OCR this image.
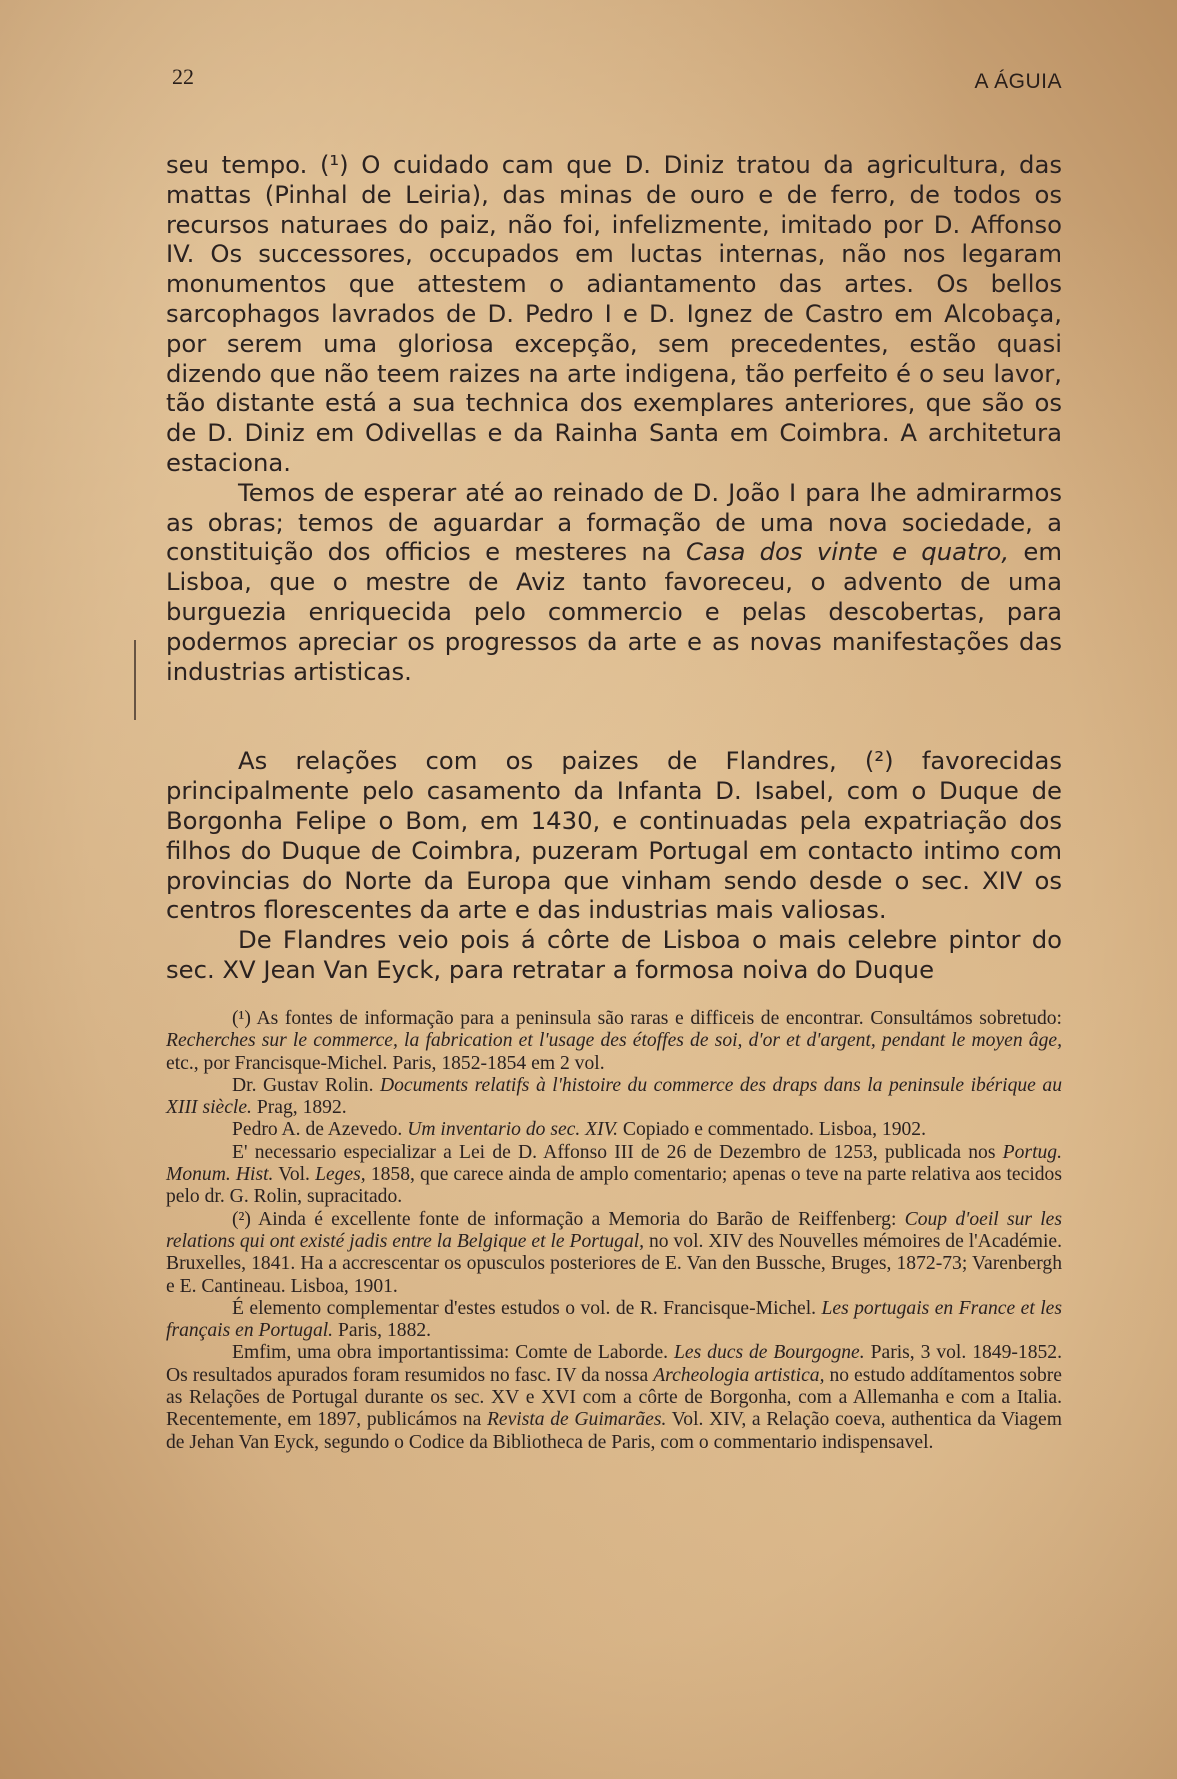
22	A ÁGUIA

seu tempo. (¹) O cuidado cam que D. Diniz tratou da agricultura, das mattas (Pinhal de Leiria), das minas de ouro e de ferro, de todos os recursos naturaes do paiz, não foi, infelizmente, imitado por D. Affonso IV. Os successores, occupados em luctas internas, não nos legaram monumentos que attestem o adiantamento das artes. Os bellos sarcophagos lavrados de D. Pedro I e D. Ignez de Castro em Alcobaça, por serem uma gloriosa excepção, sem precedentes, estão quasi dizendo que não teem raizes na arte indigena, tão perfeito é o seu lavor, tão distante está a sua technica dos exemplares anteriores, que são os de D. Diniz em Odivellas e da Rainha Santa em Coimbra. A architetura estaciona.

Temos de esperar até ao reinado de D. João I para lhe admirarmos as obras; temos de aguardar a formação de uma nova sociedade, a constituição dos officios e mesteres na Casa dos vinte e quatro, em Lisboa, que o mestre de Aviz tanto favoreceu, o advento de uma burguezia enriquecida pelo commercio e pelas descobertas, para podermos apreciar os progressos da arte e as novas manifestações das industrias artisticas.

As relações com os paizes de Flandres, (²) favorecidas principalmente pelo casamento da Infanta D. Isabel, com o Duque de Borgonha Felipe o Bom, em 1430, e continuadas pela expatriação dos filhos do Duque de Coimbra, puzeram Portugal em contacto intimo com provincias do Norte da Europa que vinham sendo desde o sec. XIV os centros florescentes da arte e das industrias mais valiosas.

De Flandres veio pois á côrte de Lisboa o mais celebre pintor do sec. XV Jean Van Eyck, para retratar a formosa noiva do Duque

(¹) As fontes de informação para a peninsula são raras e difficeis de encontrar. Consultámos sobretudo: Recherches sur le commerce, la fabrication et l'usage des étoffes de soi, d'or et d'argent, pendant le moyen âge, etc., por Francisque-Michel. Paris, 1852-1854 em 2 vol.

Dr. Gustav Rolin. Documents relatifs à l'histoire du commerce des draps dans la peninsule ibérique au XIII siècle. Prag, 1892.

Pedro A. de Azevedo. Um inventario do sec. XIV. Copiado e commentado. Lisboa, 1902.

E' necessario especializar a Lei de D. Affonso III de 26 de Dezembro de 1253, publicada nos Portug. Monum. Hist. Vol. Leges, 1858, que carece ainda de amplo comentario; apenas o teve na parte relativa aos tecidos pelo dr. G. Rolin, supracitado.

(²) Ainda é excellente fonte de informação a Memoria do Barão de Reiffenberg: Coup d'oeil sur les relations qui ont existé jadis entre la Belgique et le Portugal, no vol. XIV des Nouvelles mémoires de l'Académie. Bruxelles, 1841. Ha a accrescentar os opusculos posteriores de E. Van den Bussche, Bruges, 1872-73; Varenbergh e E. Cantineau. Lisboa, 1901.

É elemento complementar d'estes estudos o vol. de R. Francisque-Michel. Les portugais en France et les français en Portugal. Paris, 1882.

Emfim, uma obra importantissima: Comte de Laborde. Les ducs de Bourgogne. Paris, 3 vol. 1849-1852. Os resultados apurados foram resumidos no fasc. IV da nossa Archeologia artistica, no estudo addítamentos sobre as Relações de Portugal durante os sec. XV e XVI com a côrte de Borgonha, com a Allemanha e com a Italia. Recentemente, em 1897, publicámos na Revista de Guimarães. Vol. XIV, a Relação coeva, authentica da Viagem de Jehan Van Eyck, segundo o Codice da Bibliotheca de Paris, com o commentario indispensavel.
